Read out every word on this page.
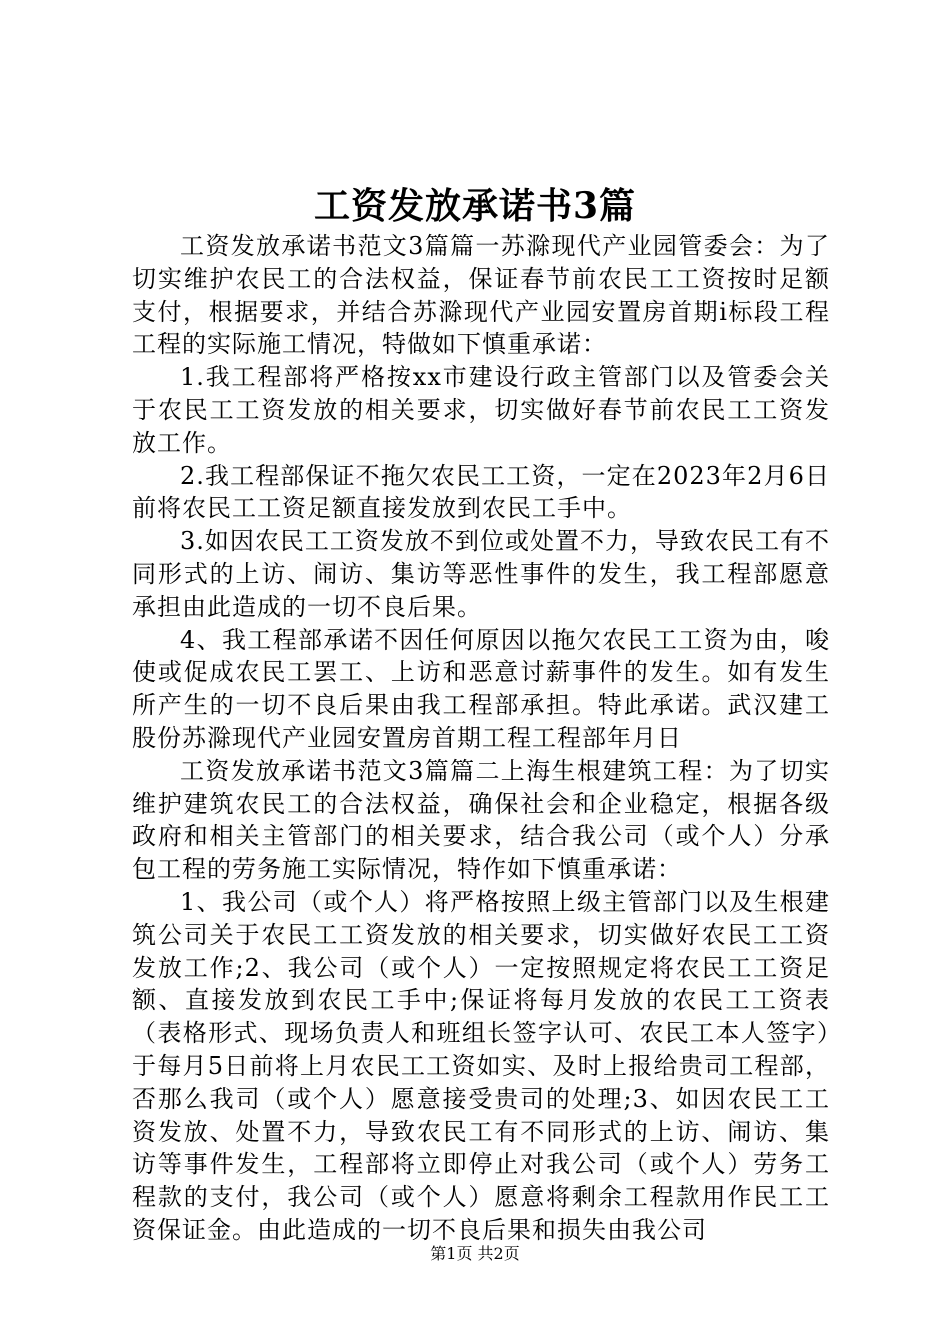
工资发放承诺书3篇

工资发放承诺书范文3篇篇一苏滁现代产业园管委会：为了切实维护农民工的合法权益，保证春节前农民工工资按时足额支付，根据要求，并结合苏滁现代产业园安置房首期ⅰ标段工程工程的实际施工情况，特做如下慎重承诺：

1.我工程部将严格按xx市建设行政主管部门以及管委会关于农民工工资发放的相关要求，切实做好春节前农民工工资发放工作。

2.我工程部保证不拖欠农民工工资，一定在2023年2月6日前将农民工工资足额直接发放到农民工手中。

3.如因农民工工资发放不到位或处置不力，导致农民工有不同形式的上访、闹访、集访等恶性事件的发生，我工程部愿意承担由此造成的一切不良后果。

4、我工程部承诺不因任何原因以拖欠农民工工资为由，唆使或促成农民工罢工、上访和恶意讨薪事件的发生。如有发生所产生的一切不良后果由我工程部承担。特此承诺。武汉建工股份苏滁现代产业园安置房首期工程工程部年月日

工资发放承诺书范文3篇篇二上海生根建筑工程：为了切实维护建筑农民工的合法权益，确保社会和企业稳定，根据各级政府和相关主管部门的相关要求，结合我公司（或个人）分承包工程的劳务施工实际情况，特作如下慎重承诺：

1、我公司（或个人）将严格按照上级主管部门以及生根建筑公司关于农民工工资发放的相关要求，切实做好农民工工资发放工作;2、我公司（或个人）一定按照规定将农民工工资足额、直接发放到农民工手中;保证将每月发放的农民工工资表（表格形式、现场负责人和班组长签字认可、农民工本人签字）于每月5日前将上月农民工工资如实、及时上报给贵司工程部，否那么我司（或个人）愿意接受贵司的处理;3、如因农民工工资发放、处置不力，导致农民工有不同形式的上访、闹访、集访等事件发生，工程部将立即停止对我公司（或个人）劳务工程款的支付，我公司（或个人）愿意将剩余工程款用作民工工资保证金。由此造成的一切不良后果和损失由我公司

第1页 共2页
